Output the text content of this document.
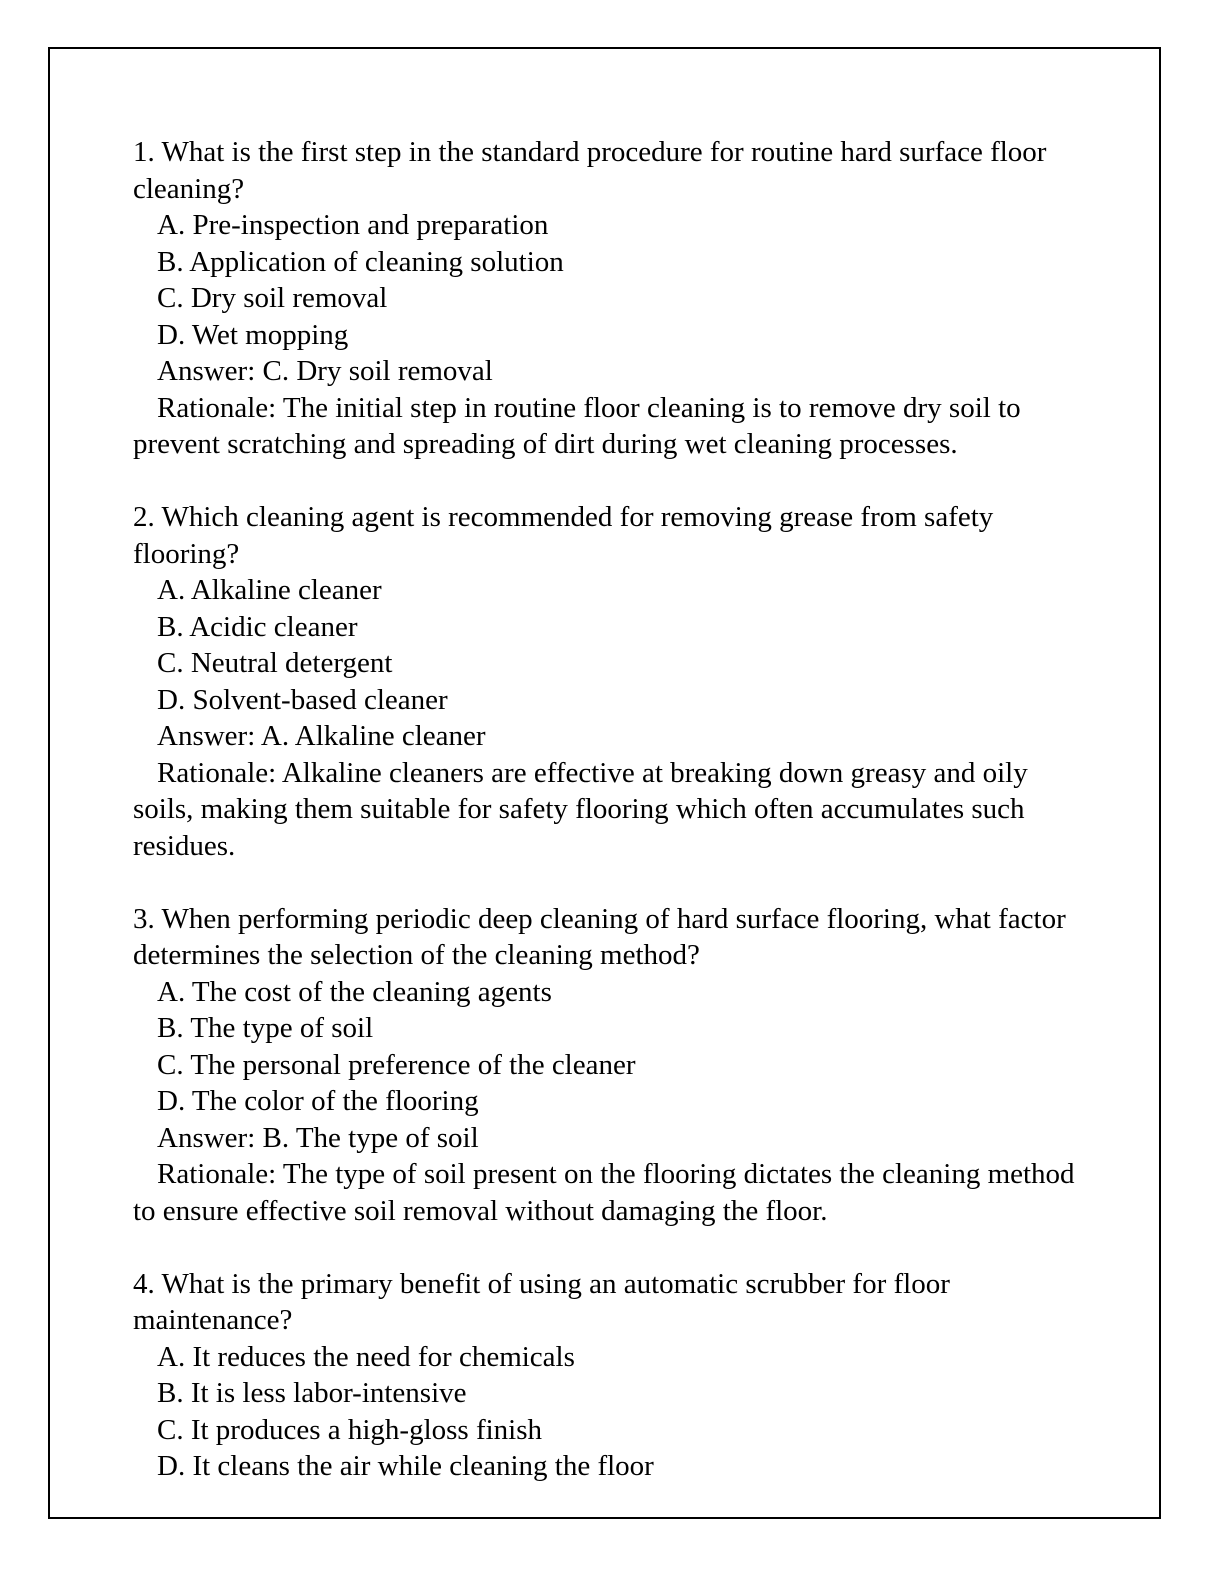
1. What is the first step in the standard procedure for routine hard surface floor cleaning?

A. Pre-inspection and preparation

B. Application of cleaning solution

C. Dry soil removal

D. Wet mopping

Answer: C. Dry soil removal

Rationale: The initial step in routine floor cleaning is to remove dry soil to prevent scratching and spreading of dirt during wet cleaning processes.

2. Which cleaning agent is recommended for removing grease from safety flooring?

A. Alkaline cleaner

B. Acidic cleaner

C. Neutral detergent

D. Solvent-based cleaner

Answer: A. Alkaline cleaner

Rationale: Alkaline cleaners are effective at breaking down greasy and oily soils, making them suitable for safety flooring which often accumulates such residues.

3. When performing periodic deep cleaning of hard surface flooring, what factor determines the selection of the cleaning method?

A. The cost of the cleaning agents

B. The type of soil

C. The personal preference of the cleaner

D. The color of the flooring

Answer: B. The type of soil

Rationale: The type of soil present on the flooring dictates the cleaning method to ensure effective soil removal without damaging the floor.

4. What is the primary benefit of using an automatic scrubber for floor maintenance?

A. It reduces the need for chemicals

B. It is less labor-intensive

C. It produces a high-gloss finish

D. It cleans the air while cleaning the floor
